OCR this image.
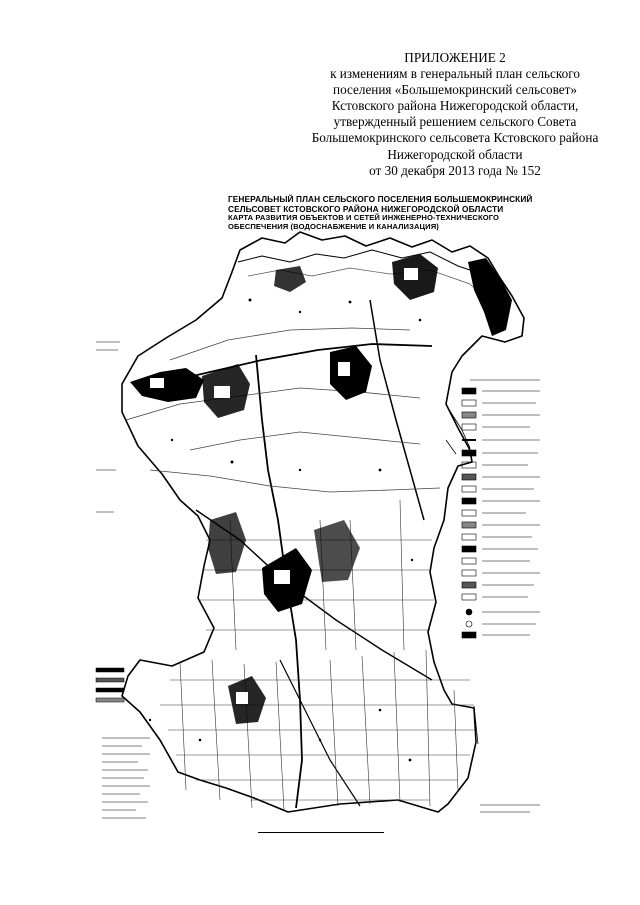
ПРИЛОЖЕНИЕ 2
к изменениям в генеральный план сельского
поселения «Большемокринский сельсовет»
Кстовского района Нижегородской области,
утвержденный решением сельского Совета
Большемокринского сельсовета Кстовского района
Нижегородской области
от 30 декабря 2013 года № 152
ГЕНЕРАЛЬНЫЙ ПЛАН СЕЛЬСКОГО ПОСЕЛЕНИЯ БОЛЬШЕМОКРИНСКИЙ
СЕЛЬСОВЕТ КСТОВСКОГО РАЙОНА НИЖЕГОРОДСКОЙ ОБЛАСТИ
КАРТА РАЗВИТИЯ ОБЪЕКТОВ И СЕТЕЙ ИНЖЕНЕРНО-ТЕХНИЧЕСКОГО
ОБЕСПЕЧЕНИЯ (ВОДОСНАБЖЕНИЕ И КАНАЛИЗАЦИЯ)
